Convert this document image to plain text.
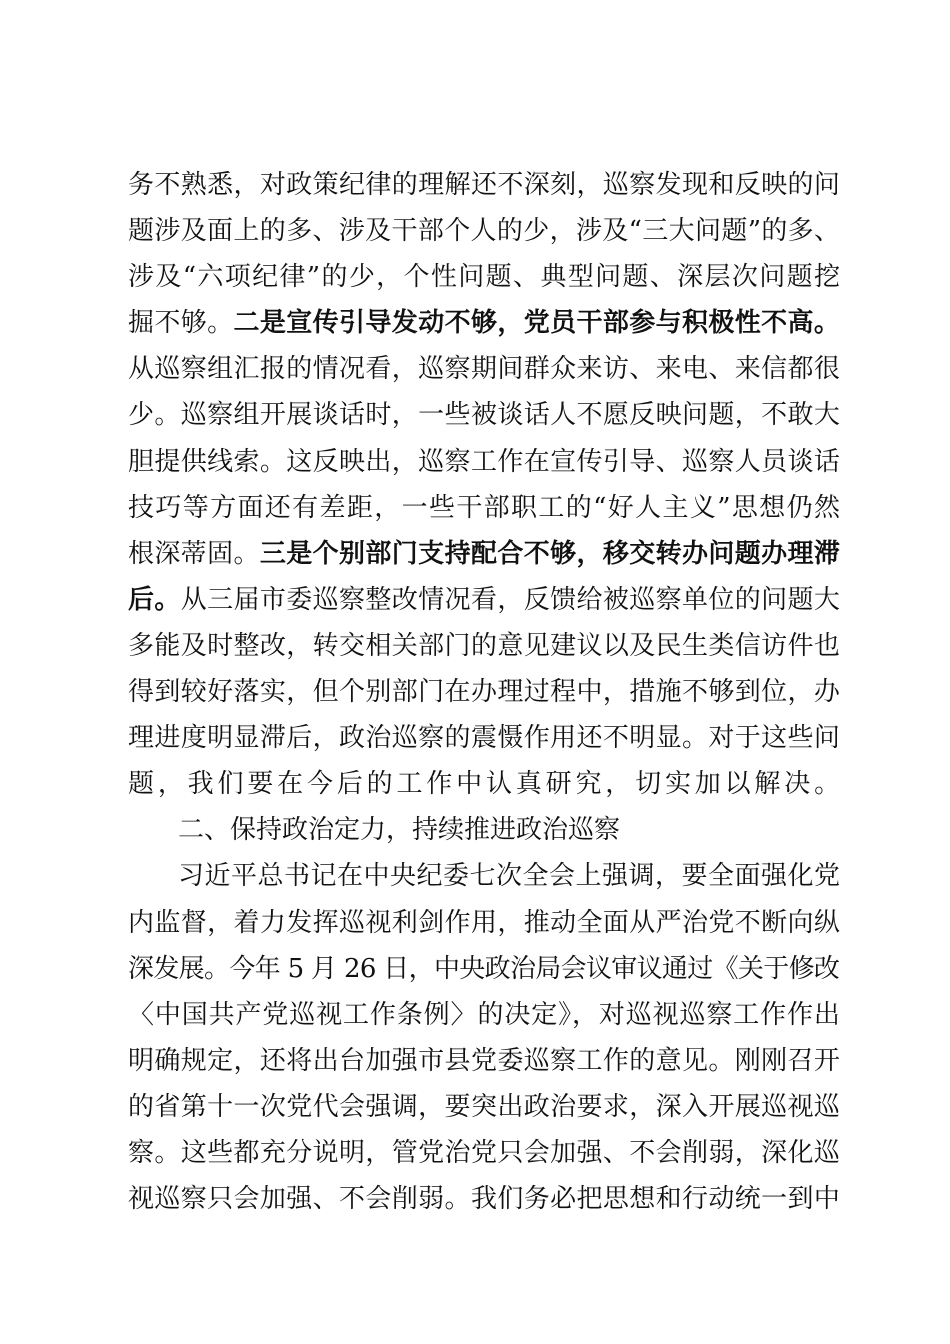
务不熟悉，对政策纪律的理解还不深刻，巡察发现和反映的问
题涉及面上的多、涉及干部个人的少，涉及“三大问题”的多、
涉及“六项纪律”的少，个性问题、典型问题、深层次问题挖
掘不够。二是宣传引导发动不够，党员干部参与积极性不高。
从巡察组汇报的情况看，巡察期间群众来访、来电、来信都很
少。巡察组开展谈话时，一些被谈话人不愿反映问题，不敢大
胆提供线索。这反映出，巡察工作在宣传引导、巡察人员谈话
技巧等方面还有差距，一些干部职工的“好人主义”思想仍然
根深蒂固。三是个别部门支持配合不够，移交转办问题办理滞
后。从三届市委巡察整改情况看，反馈给被巡察单位的问题大
多能及时整改，转交相关部门的意见建议以及民生类信访件也
得到较好落实，但个别部门在办理过程中，措施不够到位，办
理进度明显滞后，政治巡察的震慑作用还不明显。对于这些问
题，我们要在今后的工作中认真研究，切实加以解决。
二、保持政治定力，持续推进政治巡察
习近平总书记在中央纪委七次全会上强调，要全面强化党
内监督，着力发挥巡视利剑作用，推动全面从严治党不断向纵
深发展。今年 5 月 26 日，中央政治局会议审议通过《关于修改
〈中国共产党巡视工作条例〉的决定》，对巡视巡察工作作出
明确规定，还将出台加强市县党委巡察工作的意见。刚刚召开
的省第十一次党代会强调，要突出政治要求，深入开展巡视巡
察。这些都充分说明，管党治党只会加强、不会削弱，深化巡
视巡察只会加强、不会削弱。我们务必把思想和行动统一到中
